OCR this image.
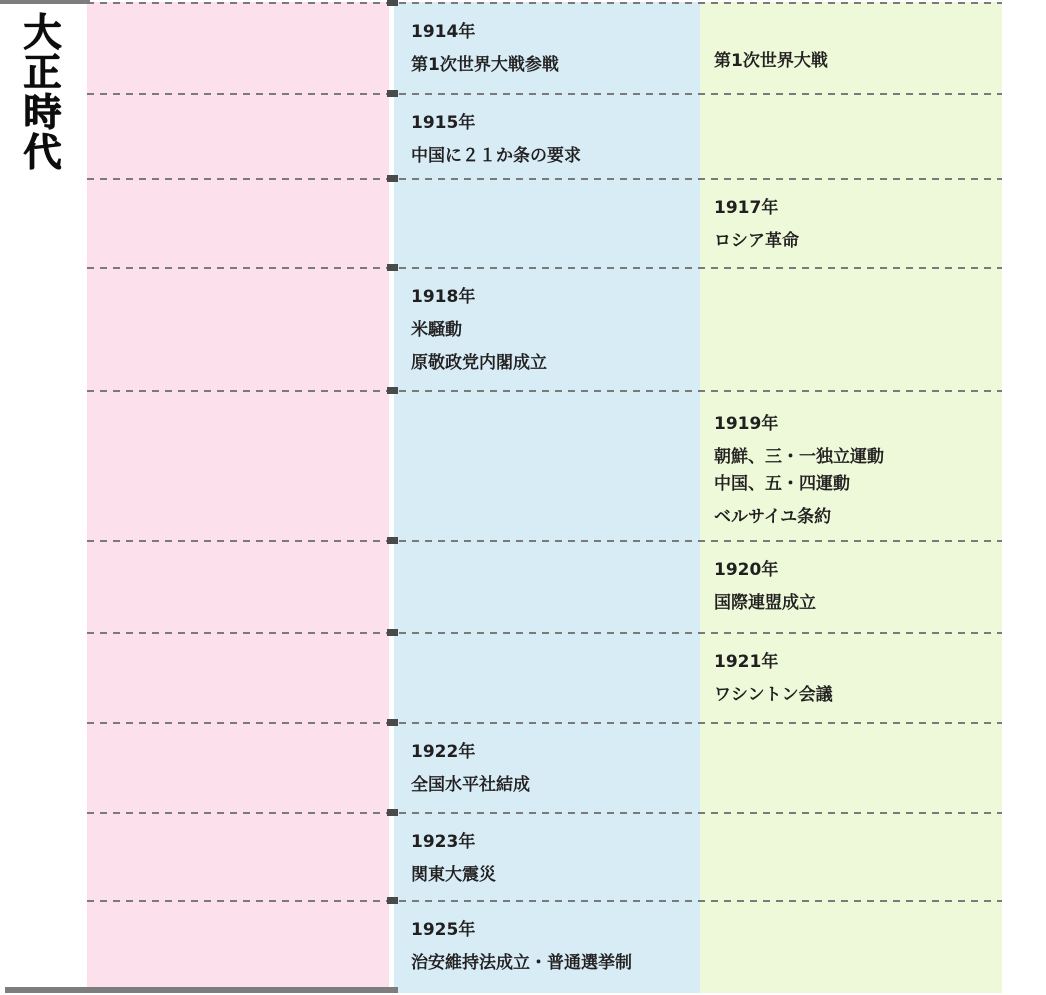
大正時代	1914年
第1次世界大戦参戦	第1次世界大戦
1915年
中国に２１か条の要求
1917年
ロシア革命
1918年
米騒動
原敬政党内閣成立
1919年
朝鮮、三・一独立運動
中国、五・四運動
ベルサイユ条約
1920年
国際連盟成立
1921年
ワシントン会議
1922年
全国水平社結成
1923年
関東大震災
1925年
治安維持法成立・普通選挙制
